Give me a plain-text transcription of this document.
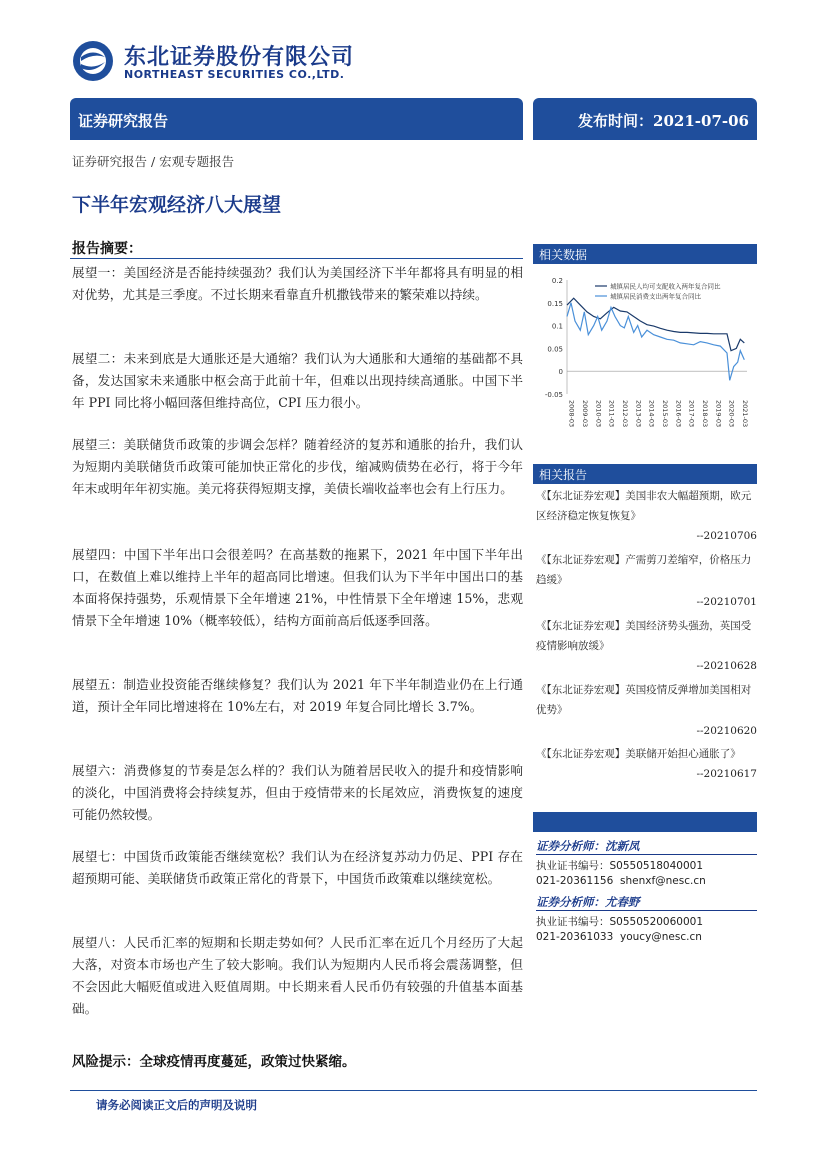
东北证券股份有限公司
NORTHEAST SECURITIES CO.,LTD.
证券研究报告	发布时间：2021-07-06
证券研究报告 / 宏观专题报告
下半年宏观经济八大展望
报告摘要：
展望一：美国经济是否能持续强劲？我们认为美国经济下半年都将具有明显的相对优势，尤其是三季度。不过长期来看靠直升机撒钱带来的繁荣难以持续。
展望二：未来到底是大通胀还是大通缩？我们认为大通胀和大通缩的基础都不具备，发达国家未来通胀中枢会高于此前十年，但难以出现持续高通胀。中国下半年 PPI 同比将小幅回落但维持高位，CPI 压力很小。
展望三：美联储货币政策的步调会怎样？随着经济的复苏和通胀的抬升，我们认为短期内美联储货币政策可能加快正常化的步伐，缩减购债势在必行，将于今年年末或明年年初实施。美元将获得短期支撑，美债长端收益率也会有上行压力。
展望四：中国下半年出口会很差吗？在高基数的拖累下，2021 年中国下半年出口，在数值上难以维持上半年的超高同比增速。但我们认为下半年中国出口的基本面将保持强势，乐观情景下全年增速 21%，中性情景下全年增速 15%，悲观情景下全年增速 10%（概率较低），结构方面前高后低逐季回落。
展望五：制造业投资能否继续修复？我们认为 2021 年下半年制造业仍在上行通道，预计全年同比增速将在 10%左右，对 2019 年复合同比增长 3.7%。
展望六：消费修复的节奏是怎么样的？我们认为随着居民收入的提升和疫情影响的淡化，中国消费将会持续复苏，但由于疫情带来的长尾效应，消费恢复的速度可能仍然较慢。
展望七：中国货币政策能否继续宽松？我们认为在经济复苏动力仍足、PPI 存在超预期可能、美联储货币政策正常化的背景下，中国货币政策难以继续宽松。
展望八：人民币汇率的短期和长期走势如何？人民币汇率在近几个月经历了大起大落，对资本市场也产生了较大影响。我们认为短期内人民币将会震荡调整，但不会因此大幅贬值或进入贬值周期。中长期来看人民币仍有较强的升值基本面基础。
风险提示：全球疫情再度蔓延，政策过快紧缩。
请务必阅读正文后的声明及说明
相关数据
0.2
0.15
0.1
0.05
0
-0.05
2008-03 2009-03 2010-03 2011-03 2012-03 2013-03 2014-03 2015-03 2016-03 2017-03 2018-03 2019-03 2020-03 2021-03
城镇居民人均可支配收入两年复合同比
城镇居民消费支出两年复合同比
相关报告
《【东北证券宏观】美国非农大幅超预期，欧元区经济稳定恢复恢复》
--20210706
《【东北证券宏观】产需剪刀差缩窄，价格压力趋缓》
--20210701
《【东北证券宏观】美国经济势头强劲，英国受疫情影响放缓》
--20210628
《【东北证券宏观】英国疫情反弹增加美国相对优势》
--20210620
《【东北证券宏观】美联储开始担心通胀了》
--20210617
证券分析师：沈新凤
执业证书编号：S0550518040001
021-20361156 shenxf@nesc.cn
证券分析师：尤春野
执业证书编号：S0550520060001
021-20361033 youcy@nesc.cn
